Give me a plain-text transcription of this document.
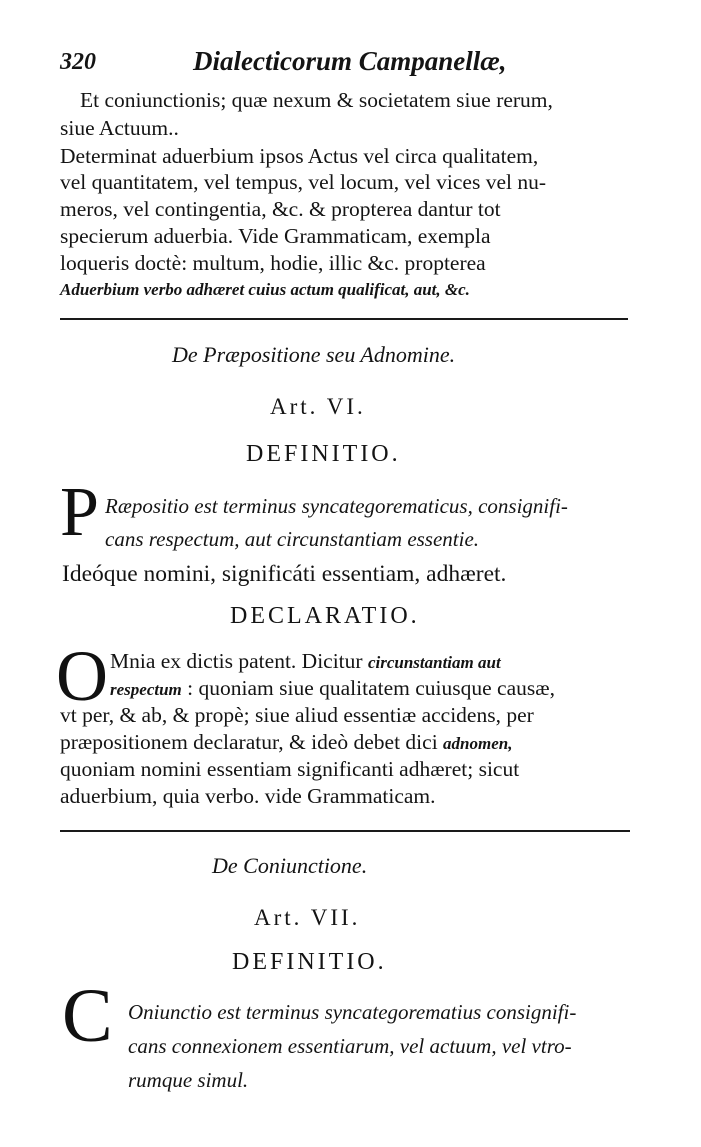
320	Dialecticorum Campanellæ,
Et coniunctionis; quæ nexum & societatem siue rerum,
siue Actuum..
Determinat aduerbium ipsos Actus vel circa qualitatem,
vel quantitatem, vel tempus, vel locum, vel vices vel nu-
meros, vel contingentia, &c. & propterea dantur tot
specierum aduerbia. Vide Grammaticam, exempla
loqueris doctè: multum, hodie, illic &c. propterea
Aduerbium verbo adhæret cuius actum qualificat, aut, &c.
De Præpositione seu Adnomine.
Art. VI.
DEFINITIO.
P Ræpositio est terminus syncategorematicus, consignifi-
cans respectum, aut circunstantiam essentie.
Ideóque nomini, significáti essentiam, adhæret.
DECLARATIO.
O Mnia ex dictis patent. Dicitur circunstantiam aut
respectum : quoniam siue qualitatem cuiusque causæ,
vt per, & ab, & propè; siue aliud essentiæ accidens, per
præpositionem declaratur, & ideò debet dici adnomen,
quoniam nomini essentiam significanti adhæret; sicut
aduerbium, quia verbo. vide Grammaticam.
De Coniunctione.
Art. VII.
DEFINITIO.
C Oniunctio est terminus syncategorematius consignifi-
cans connexionem essentiarum, vel actuum, vel vtro-
rumque simul.
